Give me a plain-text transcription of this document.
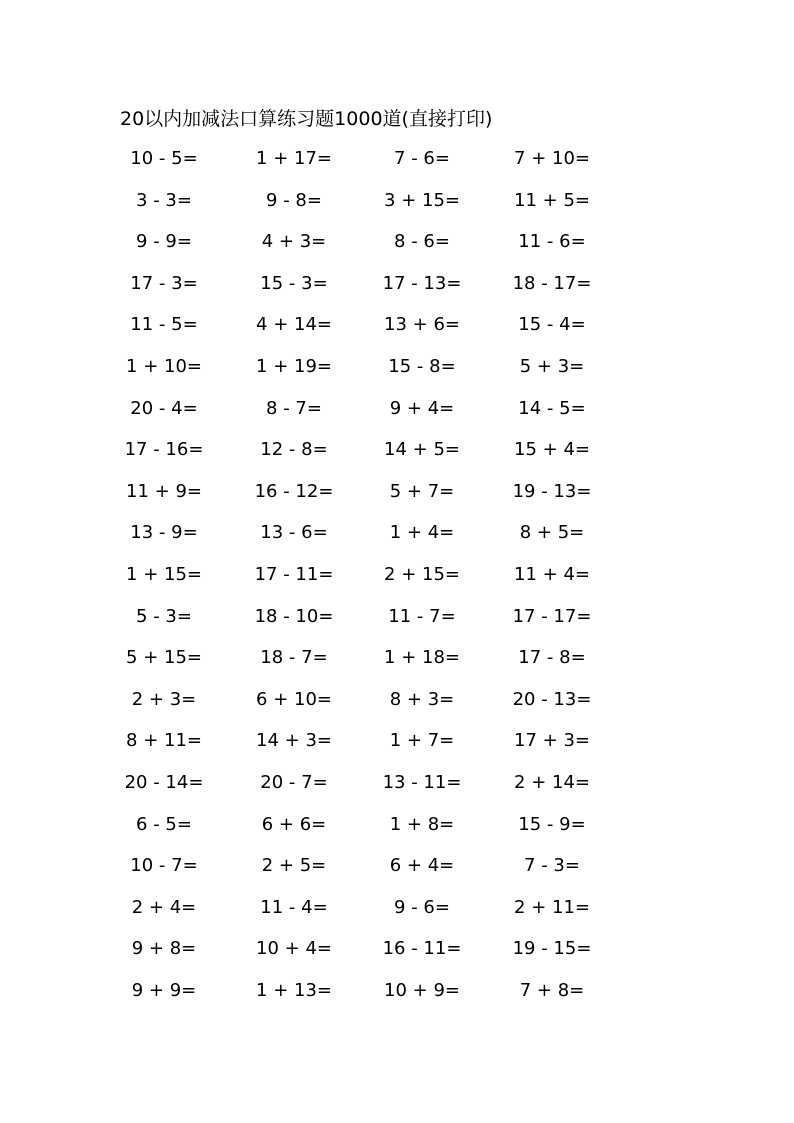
20以内加减法口算练习题1000道(直接打印)
10 - 5=	1 + 17=	7 - 6=	7 + 10=
3 - 3=	9 - 8=	3 + 15=	11 + 5=
9 - 9=	4 + 3=	8 - 6=	11 - 6=
17 - 3=	15 - 3=	17 - 13=	18 - 17=
11 - 5=	4 + 14=	13 + 6=	15 - 4=
1 + 10=	1 + 19=	15 - 8=	5 + 3=
20 - 4=	8 - 7=	9 + 4=	14 - 5=
17 - 16=	12 - 8=	14 + 5=	15 + 4=
11 + 9=	16 - 12=	5 + 7=	19 - 13=
13 - 9=	13 - 6=	1 + 4=	8 + 5=
1 + 15=	17 - 11=	2 + 15=	11 + 4=
5 - 3=	18 - 10=	11 - 7=	17 - 17=
5 + 15=	18 - 7=	1 + 18=	17 - 8=
2 + 3=	6 + 10=	8 + 3=	20 - 13=
8 + 11=	14 + 3=	1 + 7=	17 + 3=
20 - 14=	20 - 7=	13 - 11=	2 + 14=
6 - 5=	6 + 6=	1 + 8=	15 - 9=
10 - 7=	2 + 5=	6 + 4=	7 - 3=
2 + 4=	11 - 4=	9 - 6=	2 + 11=
9 + 8=	10 + 4=	16 - 11=	19 - 15=
9 + 9=	1 + 13=	10 + 9=	7 + 8=
